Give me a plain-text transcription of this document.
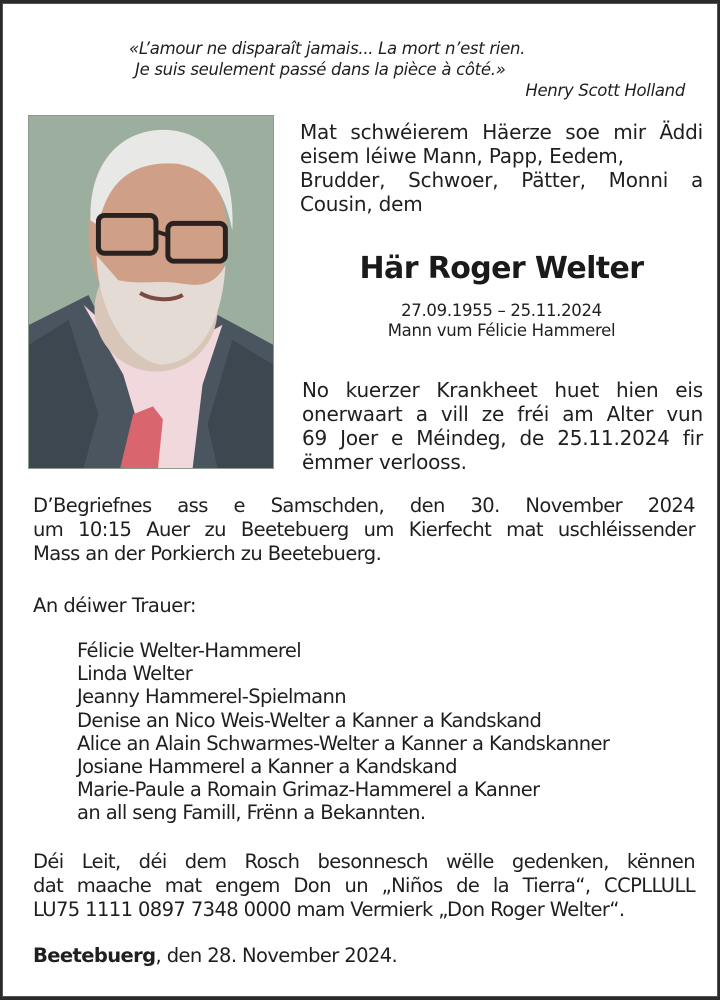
«L’amour ne disparaît jamais... La mort n’est rien.
Je suis seulement passé dans la pièce à côté.»
Henry Scott Holland
Mat schwéierem Häerze soe mir Äddi
eisem léiwe Mann, Papp, Eedem,
Brudder, Schwoer, Pätter, Monni a
Cousin, dem
Här Roger Welter
27.09.1955 – 25.11.2024
Mann vum Félicie Hammerel
No kuerzer Krankheet huet hien eis
onerwaart a vill ze fréi am Alter vun
69 Joer e Méindeg, de 25.11.2024 fir
ëmmer verlooss.
D’Begriefnes ass e Samschden, den 30. November 2024
um 10:15 Auer zu Beetebuerg um Kierfecht mat uschléissender
Mass an der Porkierch zu Beetebuerg.
An déiwer Trauer:
Félicie Welter-Hammerel
Linda Welter
Jeanny Hammerel-Spielmann
Denise an Nico Weis-Welter a Kanner a Kandskand
Alice an Alain Schwarmes-Welter a Kanner a Kandskanner
Josiane Hammerel a Kanner a Kandskand
Marie-Paule a Romain Grimaz-Hammerel a Kanner
an all seng Famill, Frënn a Bekannten.
Déi Leit, déi dem Rosch besonnesch wëlle gedenken, kënnen
dat maache mat engem Don un „Niños de la Tierra“, CCPLLULL
LU75 1111 0897 7348 0000 mam Vermierk „Don Roger Welter“.
Beetebuerg, den 28. November 2024.
